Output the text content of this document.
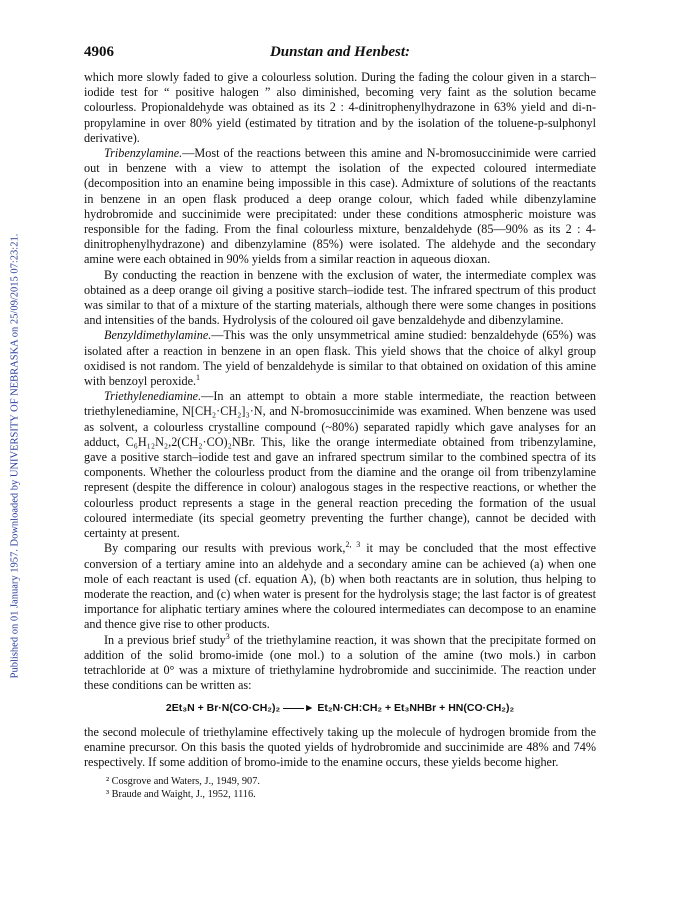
Published on 01 January 1957. Downloaded by UNIVERSITY OF NEBRASKA on 25/09/2015 07:23:21.
4906	Dunstan and Henbest:

which more slowly faded to give a colourless solution. During the fading the colour given in a starch–iodide test for “ positive halogen ” also diminished, becoming very faint as the solution became colourless. Propionaldehyde was obtained as its 2 : 4-dinitrophenylhydrazone in 63% yield and di-n-propylamine in over 80% yield (estimated by titration and by the isolation of the toluene-p-sulphonyl derivative).

Tribenzylamine.—Most of the reactions between this amine and N-bromosuccinimide were carried out in benzene with a view to attempt the isolation of the expected coloured intermediate (decomposition into an enamine being impossible in this case). Admixture of solutions of the reactants in benzene in an open flask produced a deep orange colour, which faded while dibenzylamine hydrobromide and succinimide were precipitated: under these conditions atmospheric moisture was responsible for the fading. From the final colourless mixture, benzaldehyde (85—90% as its 2 : 4-dinitrophenylhydrazone) and dibenzylamine (85%) were isolated. The aldehyde and the secondary amine were each obtained in 90% yields from a similar reaction in aqueous dioxan.

By conducting the reaction in benzene with the exclusion of water, the intermediate complex was obtained as a deep orange oil giving a positive starch–iodide test. The infrared spectrum of this product was similar to that of a mixture of the starting materials, although there were some changes in positions and intensities of the bands. Hydrolysis of the coloured oil gave benzaldehyde and dibenzylamine.

Benzyldimethylamine.—This was the only unsymmetrical amine studied: benzaldehyde (65%) was isolated after a reaction in benzene in an open flask. This yield shows that the choice of alkyl group oxidised is not random. The yield of benzaldehyde is similar to that obtained on oxidation of this amine with benzoyl peroxide.$^1$

Triethylenediamine.—In an attempt to obtain a more stable intermediate, the reaction between triethylenediamine, N[CH₂·CH₂]₃·N, and N-bromosuccinimide was examined. When benzene was used as solvent, a colourless crystalline compound (~80%) separated rapidly which gave analyses for an adduct, C₆H₁₂N₂,2(CH₂·CO)₂NBr. This, like the orange intermediate obtained from tribenzylamine, gave a positive starch–iodide test and gave an infrared spectrum similar to the combined spectra of its components. Whether the colourless product from the diamine and the orange oil from tribenzylamine represent (despite the difference in colour) analogous stages in the respective reactions, or whether the colourless product represents a stage in the general reaction preceding the formation of the usual coloured intermediate (its special geometry preventing the further change), cannot be decided with certainty at present.

By comparing our results with previous work,$^{2, 3}$ it may be concluded that the most effective conversion of a tertiary amine into an aldehyde and a secondary amine can be achieved (a) when one mole of each reactant is used (cf. equation A), (b) when both reactants are in solution, thus helping to moderate the reaction, and (c) when water is present for the hydrolysis stage; the last factor is of greatest importance for aliphatic tertiary amines where the coloured intermediates can decompose to an enamine and thence give rise to other products.

In a previous brief study$^3$ of the triethylamine reaction, it was shown that the precipitate formed on addition of the solid bromo-imide (one mol.) to a solution of the amine (two mols.) in carbon tetrachloride at 0° was a mixture of triethylamine hydrobromide and succinimide. The reaction under these conditions can be written as:

2Et₃N + Br·N(CO·CH₂)₂ ——► Et₂N·CH:CH₂ + Et₃NHBr + HN(CO·CH₂)₂

the second molecule of triethylamine effectively taking up the molecule of hydrogen bromide from the enamine precursor. On this basis the quoted yields of hydrobromide and succinimide are 48% and 74% respectively. If some addition of bromo-imide to the enamine occurs, these yields become higher.

² Cosgrove and Waters, J., 1949, 907.
³ Braude and Waight, J., 1952, 1116.
